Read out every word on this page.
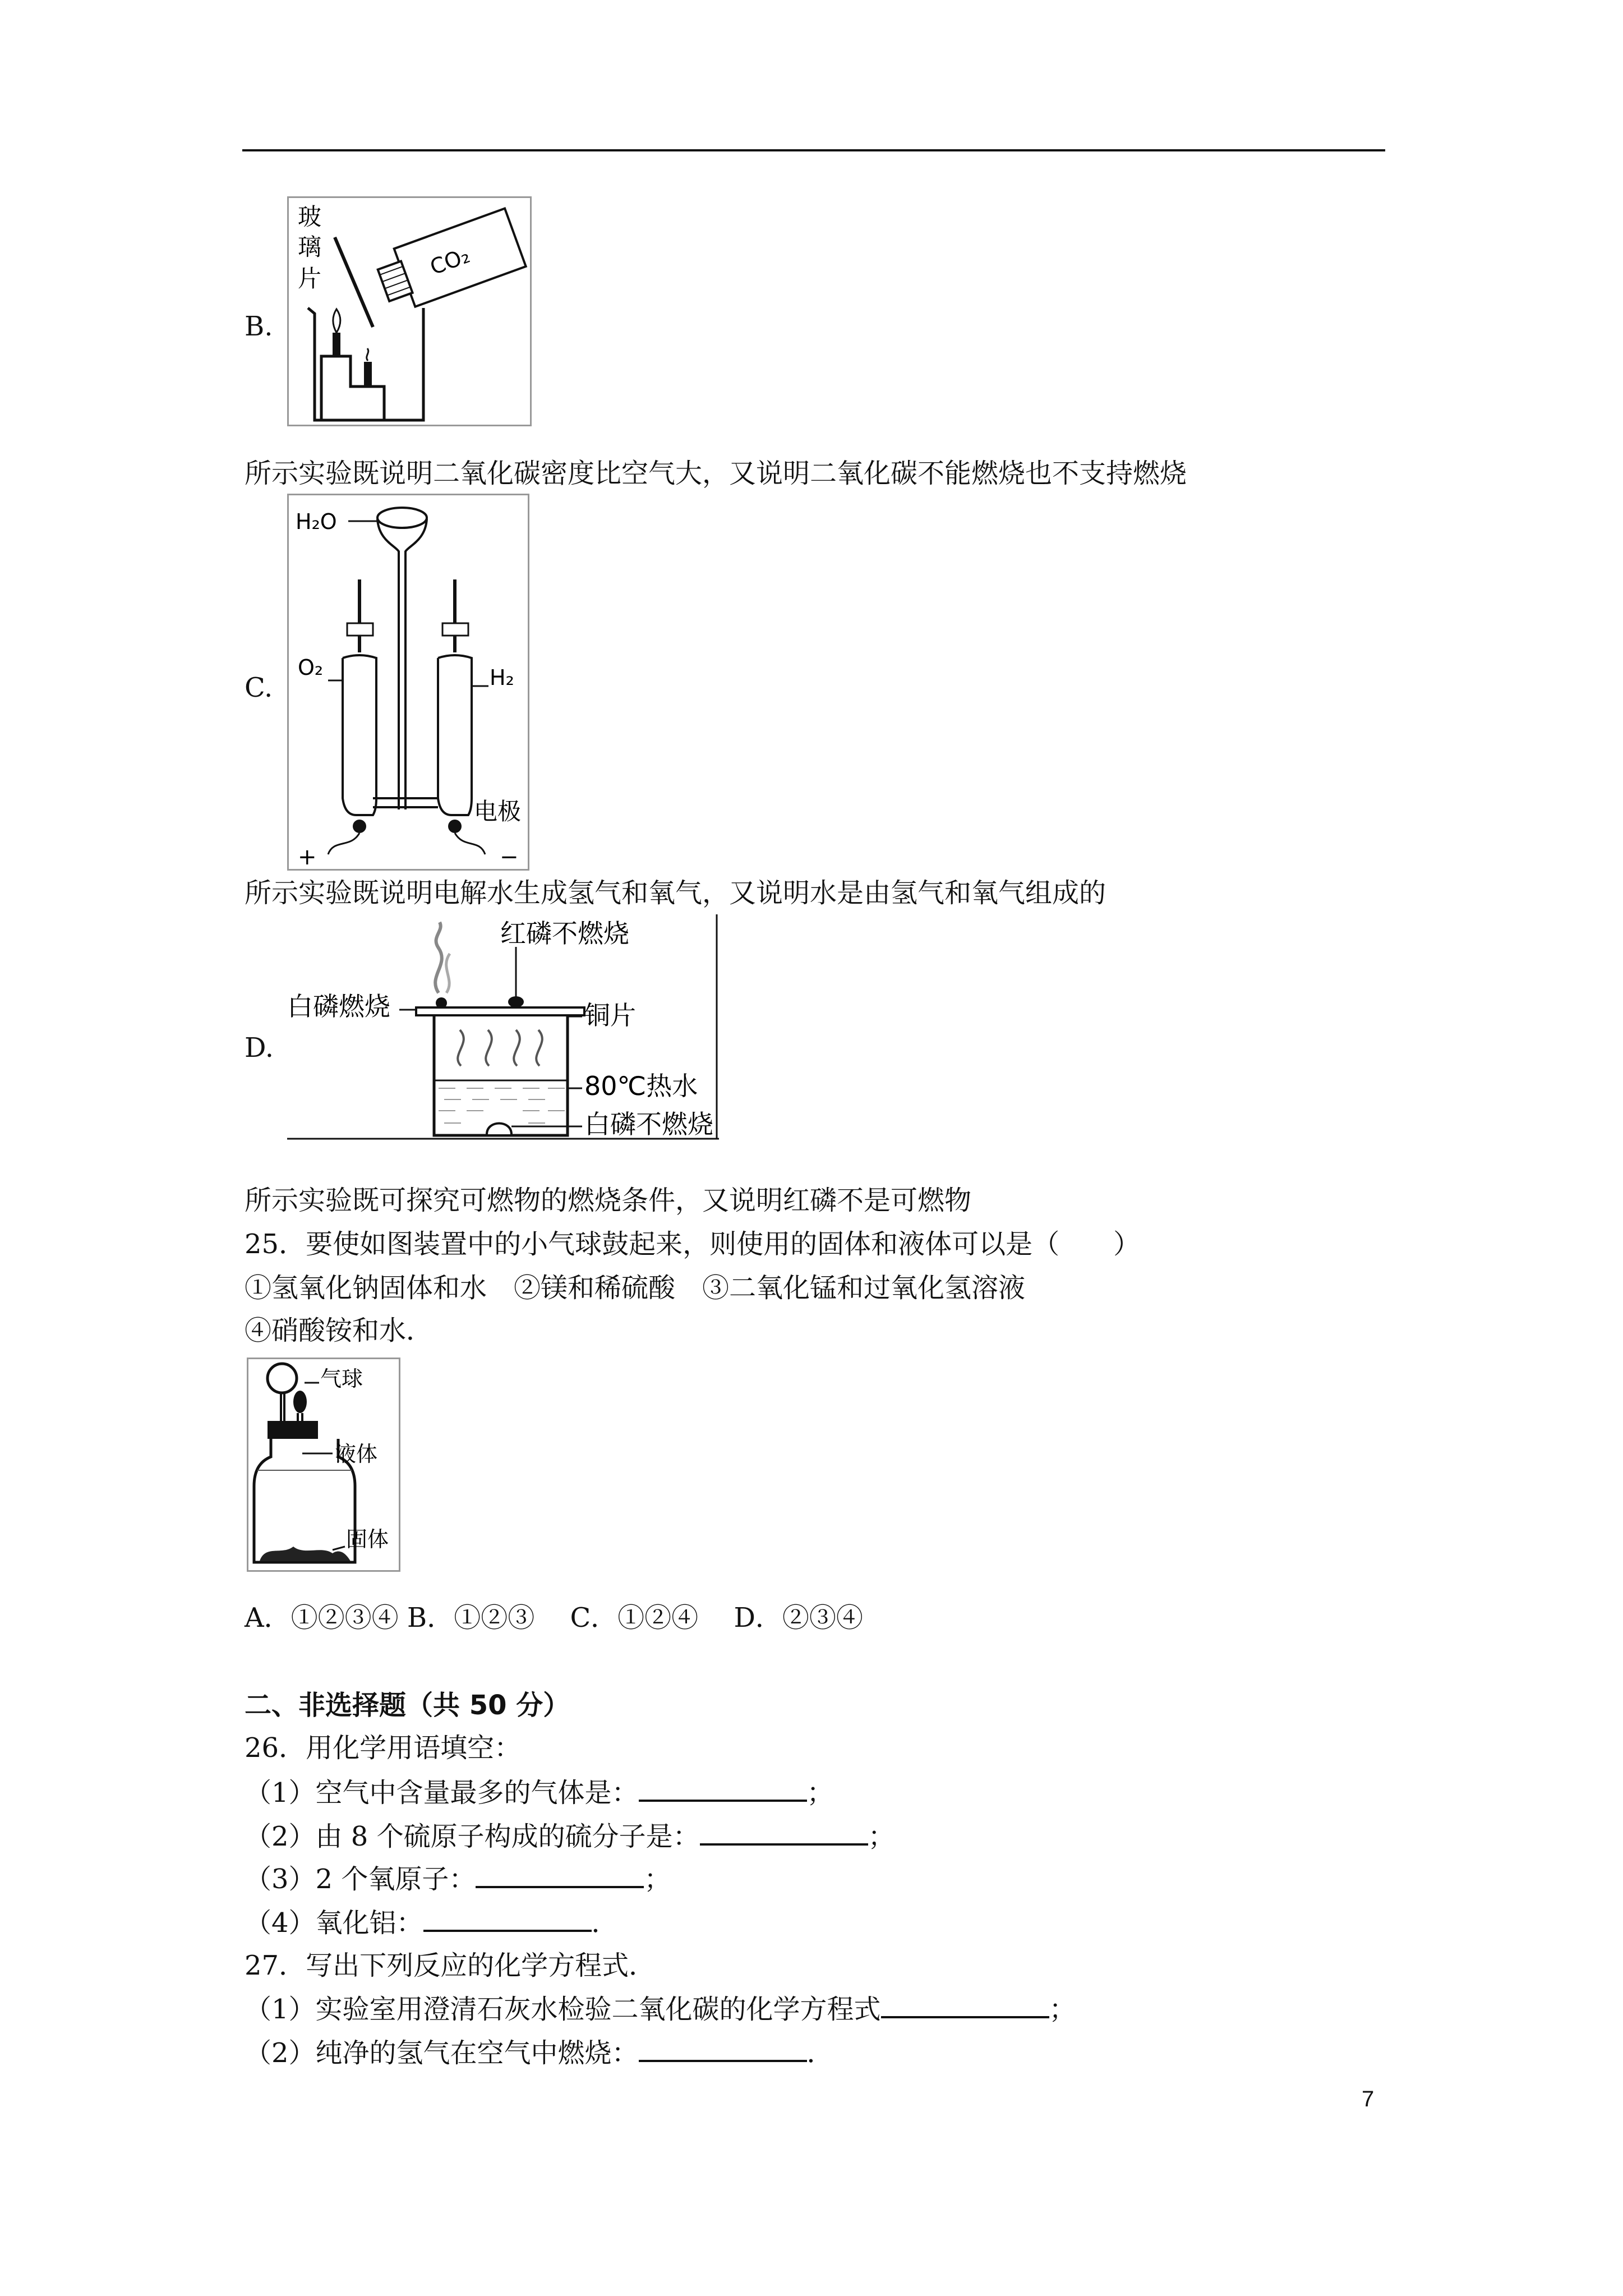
B.
玻
璃
片	CO₂
所示实验既说明二氧化碳密度比空气大，又说明二氧化碳不能燃烧也不支持燃烧
C.
H₂O
O₂	H₂
电极
+	−
所示实验既说明电解水生成氢气和氧气，又说明水是由氢气和氧气组成的
D.
红磷不燃烧
白磷燃烧	铜片
80℃热水
白磷不燃烧
所示实验既可探究可燃物的燃烧条件，又说明红磷不是可燃物
25．要使如图装置中的小气球鼓起来，则使用的固体和液体可以是（　　）
①氢氧化钠固体和水　②镁和稀硫酸　③二氧化锰和过氧化氢溶液
④硝酸铵和水．
气球
液体
固体
A．①②③④ B．①②③　 C．①②④　 D．②③④
二、非选择题（共 50 分）
26．用化学用语填空：
（1）空气中含量最多的气体是：	；
（2）由 8 个硫原子构成的硫分子是：	；
（3）2 个氧原子：	；
（4）氧化铝：	．
27．写出下列反应的化学方程式．
（1）实验室用澄清石灰水检验二氧化碳的化学方程式	；
（2）纯净的氢气在空气中燃烧：	．
7
